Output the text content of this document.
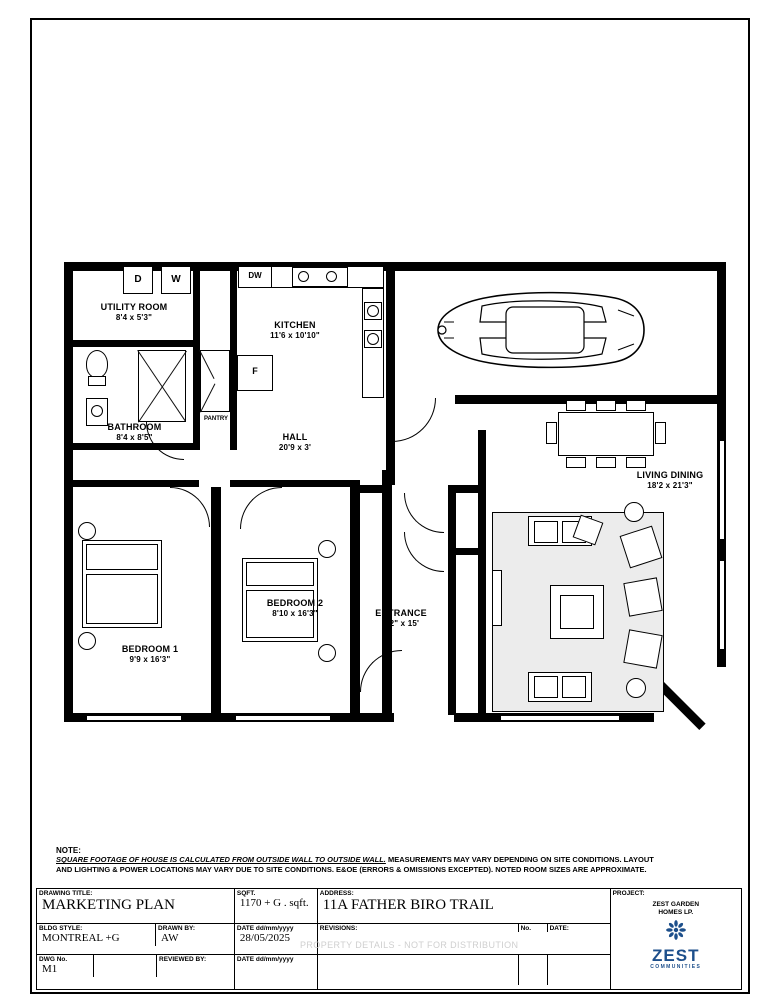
D	W
UTILITY ROOM
8'4 x 5'3"
DW
KITCHEN
11'6 x 10'10"
F
PANTRY
BATHROOM
8'4 x 8'5"	HALL
20'9 x 3'
BEDROOM 1
9'9 x 16'3"
BEDROOM 2
8'10 x 16'3"	ENTRANCE
4'2" x 15'
LIVING DINING
18'2 x 21'3"
NOTE:
SQUARE FOOTAGE OF HOUSE IS CALCULATED FROM OUTSIDE WALL TO OUTSIDE WALL. MEASUREMENTS MAY VARY DEPENDING ON SITE CONDITIONS. LAYOUT
AND LIGHTING & POWER LOCATIONS MAY VARY DUE TO SITE CONDITIONS. E&OE (ERRORS & OMISSIONS EXCEPTED). NOTED ROOM SIZES ARE APPROXIMATE.
DRAWING TITLE:
MARKETING PLAN

SQFT.
1170 + G . sqft.

ADDRESS:
11A FATHER BIRO TRAIL

PROJECT:
ZEST GARDEN
HOMES LP.
ZEST
COMMUNITIES

BLDG STYLE:
MONTREAL +G

DRAWN BY:
AW

DATE dd/mm/yyyy
28/05/2025

REVISIONS:	No.	DATE:

DWG No.
M1

REVIEWED BY:
		DATE dd/mm/yyyy

PROPERTY DETAILS - NOT FOR DISTRIBUTION
